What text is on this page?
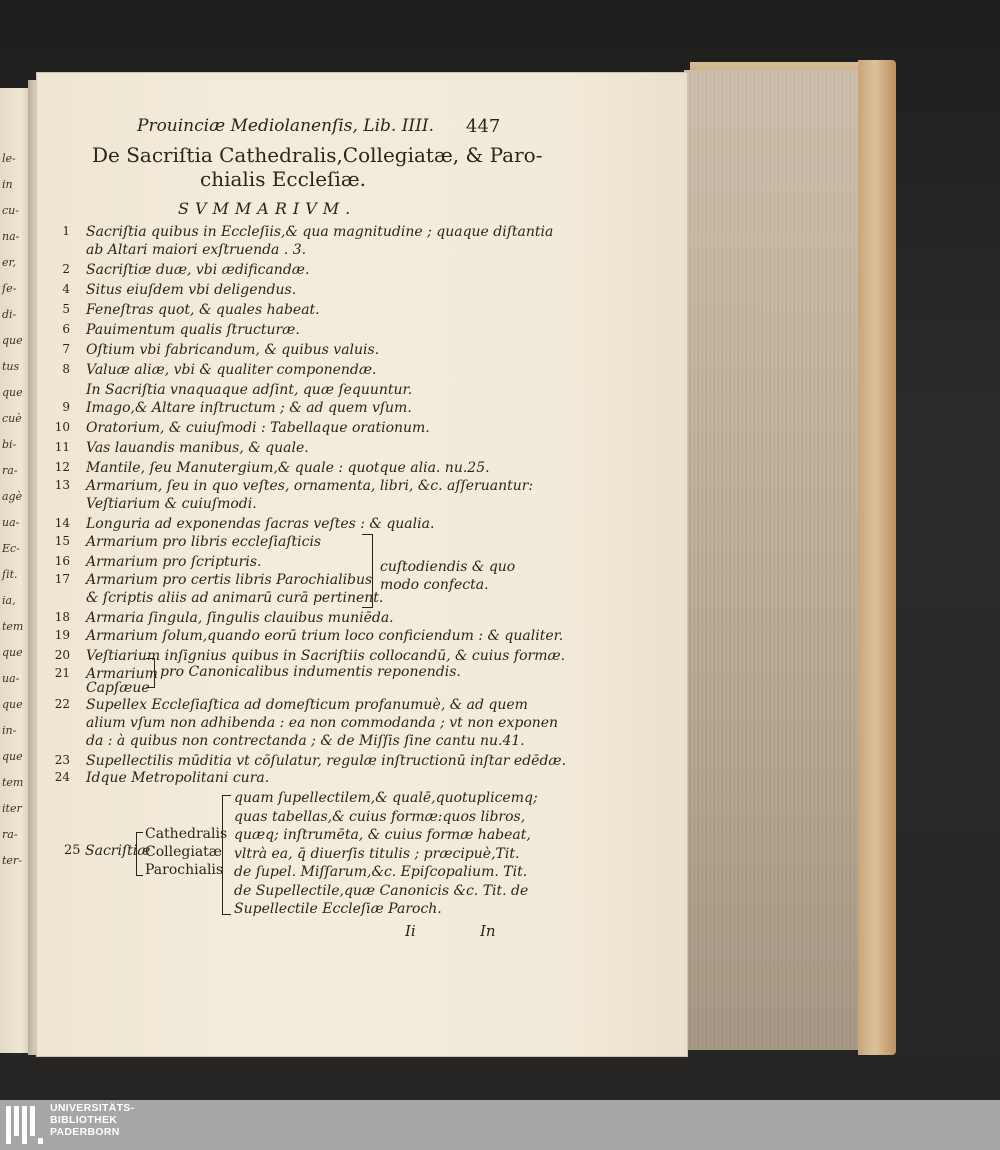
le-
in
cu-
na-
er,
ſe-
di-
que
tus
que
cuè
bi-
ra-
agè
ua-
Ec-
ſit.
ia,
tem
que
ua-
que
in-
que
tem
iter
ra-
ter-
Prouinciæ Mediolanenſis, Lib. IIII. 447
De Sacriſtia Cathedralis,Collegiatæ, & Paro-
chialis Eccleſiæ.
SVMMARIVM.
1 Sacriſtia quibus in Eccleſiis,& qua magnitudine ; quaque diſtantia
ab Altari maiori exſtruenda . 3.
2 Sacriſtiæ duæ, vbi ædificandæ.
4 Situs eiuſdem vbi deligendus.
5 Feneſtras quot, & quales habeat.
6 Pauimentum qualis ſtructuræ.
7 Oſtium vbi fabricandum, & quibus valuis.
8 Valuæ aliæ, vbi & qualiter componendæ.
In Sacriſtia vnaquaque adſint, quæ ſequuntur.
9 Imago,& Altare inſtructum ; & ad quem vſum.
10 Oratorium, & cuiuſmodi : Tabellaque orationum.
11 Vas lauandis manibus, & quale.
12 Mantile, ſeu Manutergium,& quale : quotque alia. nu.25.
13 Armarium, ſeu in quo veſtes, ornamenta, libri, &c. aſſeruantur:
Veſtiarium & cuiuſmodi.
14 Longuria ad exponendas ſacras veſtes : & qualia.
15 Armarium pro libris eccleſiaſticis
16 Armarium pro ſcripturis.
17 Armarium pro certis libris Parochialibus
& ſcriptis aliis ad animarū curā pertinent.
18 Armaria ſingula, ſingulis clauibus muniēda.
19 Armarium ſolum,quando eorū trium loco conficiendum : & qualiter.
20 Veſtiarium inſignius quibus in Sacriſtiis collocandū, & cuius formæ.
21 Armarium
Capſæue
22 Supellex Eccleſiaſtica ad domeſticum profanumuè, & ad quem
alium vſum non adhibenda : ea non commodanda ; vt non exponen
da : à quibus non contrectanda ; & de Miſſis ſine cantu nu.41.
23 Supellectilis mūditia vt cōſulatur, regulæ inſtructionū inſtar edēdæ.
24 Idque Metropolitani cura.
cuſtodiendis & quo modo confecta.
pro Canonicalibus indumentis reponendis.
25 Sacriſtiæ
Cathedralis
Collegiatæ
Parochialis
quam ſupellectilem,& qualē,quotuplicemq;
quas tabellas,& cuius formæ:quos libros,
quæq; inſtrumēta, & cuius formæ habeat,
vltrà ea, q̄ diuerſis titulis ; præcipuè,Tit.
de ſupel. Miſſarum,&c. Epiſcopalium. Tit.
de Supellectile,quæ Canonicis &c. Tit. de
Supellectile Eccleſiæ Paroch.
Ii	In
UNIVERSITÄTS-
BIBLIOTHEK
PADERBORN
